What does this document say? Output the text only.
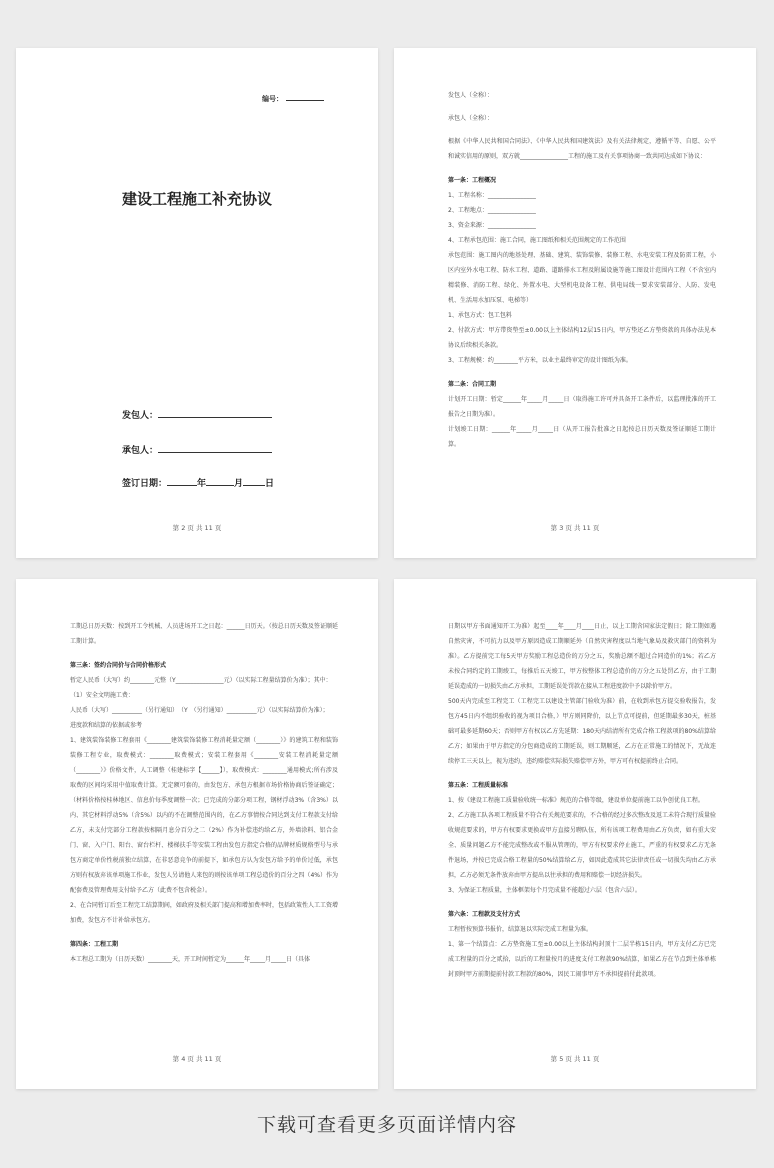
编号：
建设工程施工补充协议
发包人：
承包人：
签订日期：	年	月 日
第 2 页 共 11 页

发包人（全称）：

承包人（全称）：

根据《中华人民共和国合同法》、《中华人民共和国建筑法》及有关法律规定，遵循平等、自愿、公平和诚实信用的原则，双方就________________工程的施工及有关事项协商一致共同达成如下协议：

第一条：工程概况

1、工程名称：________________

2、工程地点：________________

3、资金来源：________________

4、工程承包范围：施工合同，施工图纸和相关范围规定的工作范围

承包范围：施工图内的地基处理、基础、建筑、装饰装修、装修工程、水电安装工程及防雷工程，小区内室外水电工程、防水工程、道路、道路排水工程及附属设施等施工图设计范围内工程（不含室内精装修、消防工程、绿化、外置水电、大型机电设备工程、供电局线一要求安装部分、人防、发电机、生活用水加压泵、电梯等）

1、承包方式：包工包料

2、付款方式：甲方带资垫至±0.00以上主体结构12层15日内，甲方垫还乙方垫资款的具体办法见本协议后续相关条款。

3、工程规模：约________平方米，以业主最终审定的设计图纸为准。

第二条：合同工期

计划开工日期：暂定______年_____月_____日（取得施工许可并具备开工条件后，以监理批准的开工报告之日期为准）。

计划竣工日期：______年_____月_____日（从开工报告批准之日起按总日历天数及签证顺延工期计算。

第 3 页 共 11 页

工期总日历天数：按到开工令机械、人员进场开工之日起：______日历天。（按总日历天数及签证顺延工期计算。

第三条：签约合同价与合同价格形式

暂定人民币（大写）约________元整（Y________________元）（以实际工程量结算价为准）；其中：

（1）安全文明施工费：

人民币（大写）__________（另行通知）　（Y　（另行通知）__________元）（以实际结算价为准）；

进度款和结算的依据或参考

1、建筑装饰装修工程套用《________建筑装饰装修工程消耗量定额（________）》的建筑工程和装饰装修工程专业，取费模式：________取费模式；安装工程套用《________安装工程消耗量定额（________）》价格文件，人工调整（桂建标字【______】），取费模式：________通用模式;所有涉及取费的区间均采用中值取费计算。无定额可套的，由发包方、承包方根据市场价格协商后签证确定；（材料价格按桂林地区、信息价每季度调整一次；已完成的分部分项工程，钢材浮动3%（含3%）以内、其它材料浮动5%（含5%）以内的不在调整范围内的，在乙方事情按合同达到支付工程款支付给乙方，未支付完部分工程款按相隔月息分百分之二（2%）作为补偿违约给乙方，外墙涂料、铝合金门、窗、入户门、阳台、窗台栏杆、楼梯扶手等安装工程由发包方指定合格的品牌材质规格型号与承包方商定单价性税前独立结算，在非恶意竞争的前提下，如承包方认为发包方给予的单价过低，承包方则有权放弃该单项施工作业，发包人另请他人来包的则按该单项工程总造价的百分之四（4%）作为配套费及管理费用支付给予乙方（此费不包含税金）。

2、在合同暂订后至工程完工结算期间，如政府及相关部门提高和增加费率时，包括政策性人工工资增加费，发包方不计补给承包方。

第四条：工程工期

本工程总工期为（日历天数）________天，开工时间暂定为______年_____月_____日（具体

第 4 页 共 11 页

日期以甲方书面通知开工为准）起至____年____月____日止，以上工期含国家法定假日；除工期如遇自然灾害，不可抗力以及甲方原因造成工期顺延外（自然灾害程度以当地气象局及救灾部门的资料为准）。乙方提前完工每5天甲方奖励工程总造价的万分之五，奖励总额不超过合同造价的1%；若乙方未按合同约定的工期竣工，每推后五天竣工，甲方按整体工程总造价的万分之五处罚乙方，由于工期延误造成的一切损失由乙方承担，工期延误处罚款在接从工程进度款中予以除价甲方。

500天内完成至工程完工（工程完工以建设主管部门验收为准）前，在收到承包方提交验收报告，发包方45日内不组织验收的视为项目合格，）甲方则同降价，以上节点可提前，但延期最多30天，桩基础可最多延期60天；否则甲方有权以乙方先延期：180天内结清所有完成合格工程款项的80%结算给乙方；如果由于甲方指定的分包商造成的工期延误，则工期顺延，乙方在正常施工的情况下，无故连续停工三天以上，视为违约，违约赔偿实际损失赔偿甲方外，甲方可有权提前终止合同。

第五条：工程质量标准

1、按《建设工程施工质量验收统一标准》规范的合格等级，建设单位提前施工以争创优良工程。

2、乙方施工队各项工程质量不符合有关规范要求的，不合格的经过多次整改及返工未符合现行质量验收规范要求的，甲方有权要求更换或甲方直接另聘队伍，所有该项工程费用由乙方负责，如有重大安全、质量问题乙方不能完成整改或不服从管理的，甲方有权要求停止施工，严重的有权要求乙方无条件退场，并按已完成合格工程量的50%结算给乙方，如因此造成其它法律责任或一切损失均由乙方承担，乙方必须无条件放弃由甲方提出以往承担的费用和赔偿一切经济损失。

3、为保证工程质量，主体框架每个月完成量不能超过六层（包含六层）。

第六条：工程款及支付方式

工程暂按预算书报价，结算退以实际完成工程量为准。

1、第一个结算点：乙方垫资施工至±0.00以上主体结构封顶十二层半栋15日内，甲方支付乙方已完成工程量的百分之贰拾，以后的工程量按月的进度支付工程款90%结算，如果乙方在节点到主体单栋封顶时甲方前期提前付款工程款的80%，因民工闹事甲方不承担提前付此款项。

第 5 页 共 11 页
下载可查看更多页面详情内容
